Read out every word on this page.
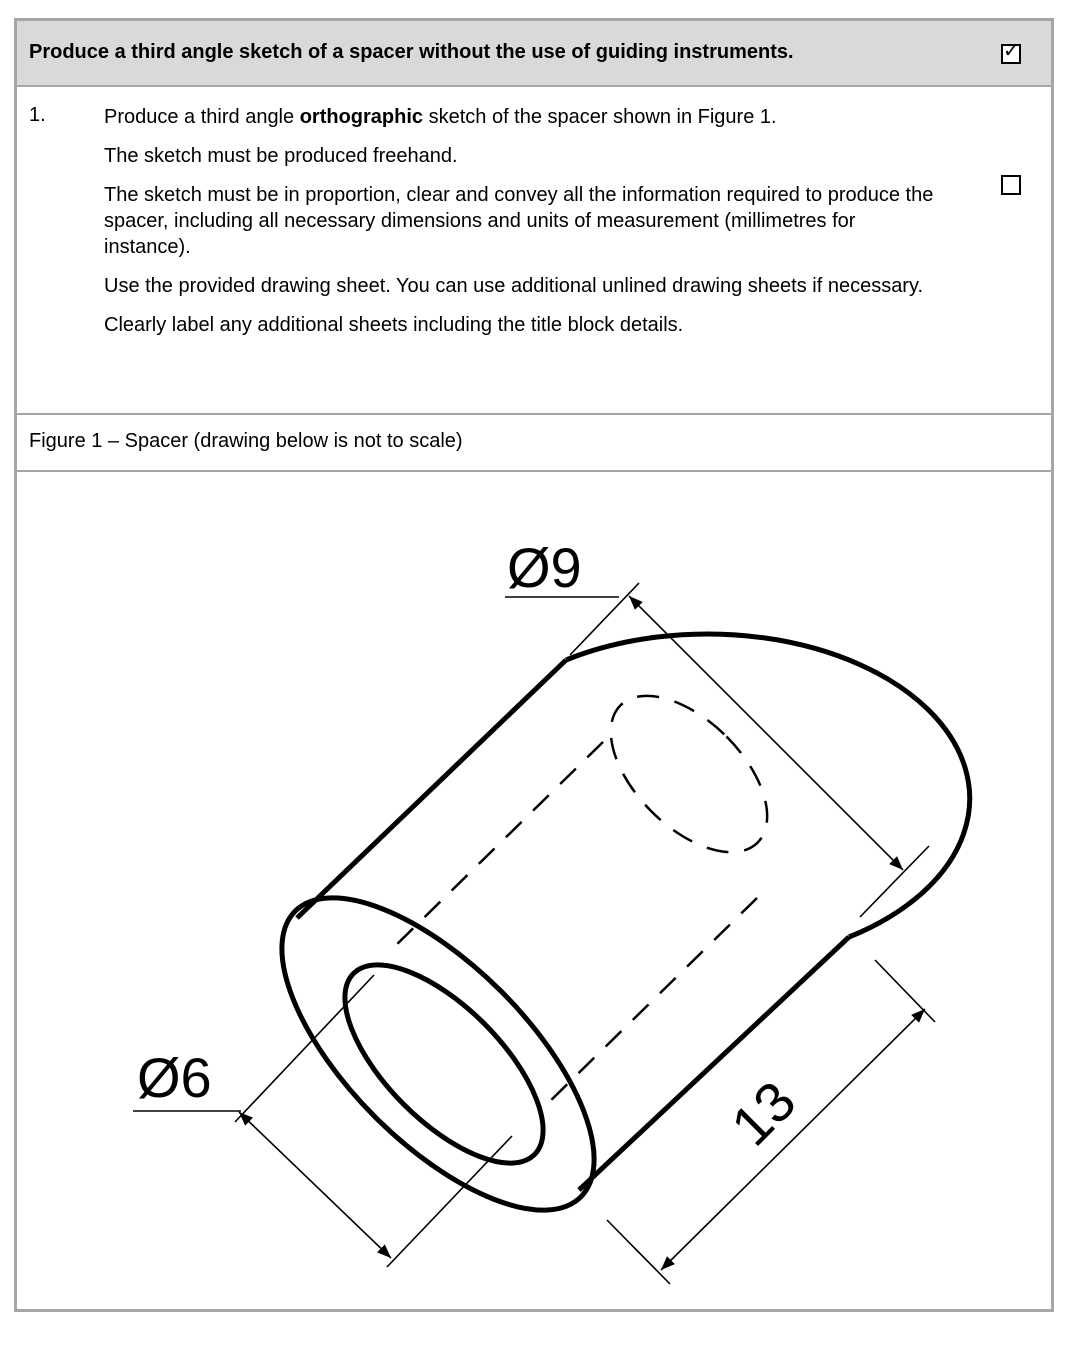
Produce a third angle sketch of a spacer without the use of guiding instruments.	✓
1.	Produce a third angle orthographic sketch of the spacer shown in Figure 1.

The sketch must be produced freehand.

The sketch must be in proportion, clear and convey all the information required to produce the spacer, including all necessary dimensions and units of measurement (millimetres for instance).

Use the provided drawing sheet. You can use additional unlined drawing sheets if necessary.

Clearly label any additional sheets including the title block details.

Figure 1 – Spacer (drawing below is not to scale)
Ø9
Ø6	13
